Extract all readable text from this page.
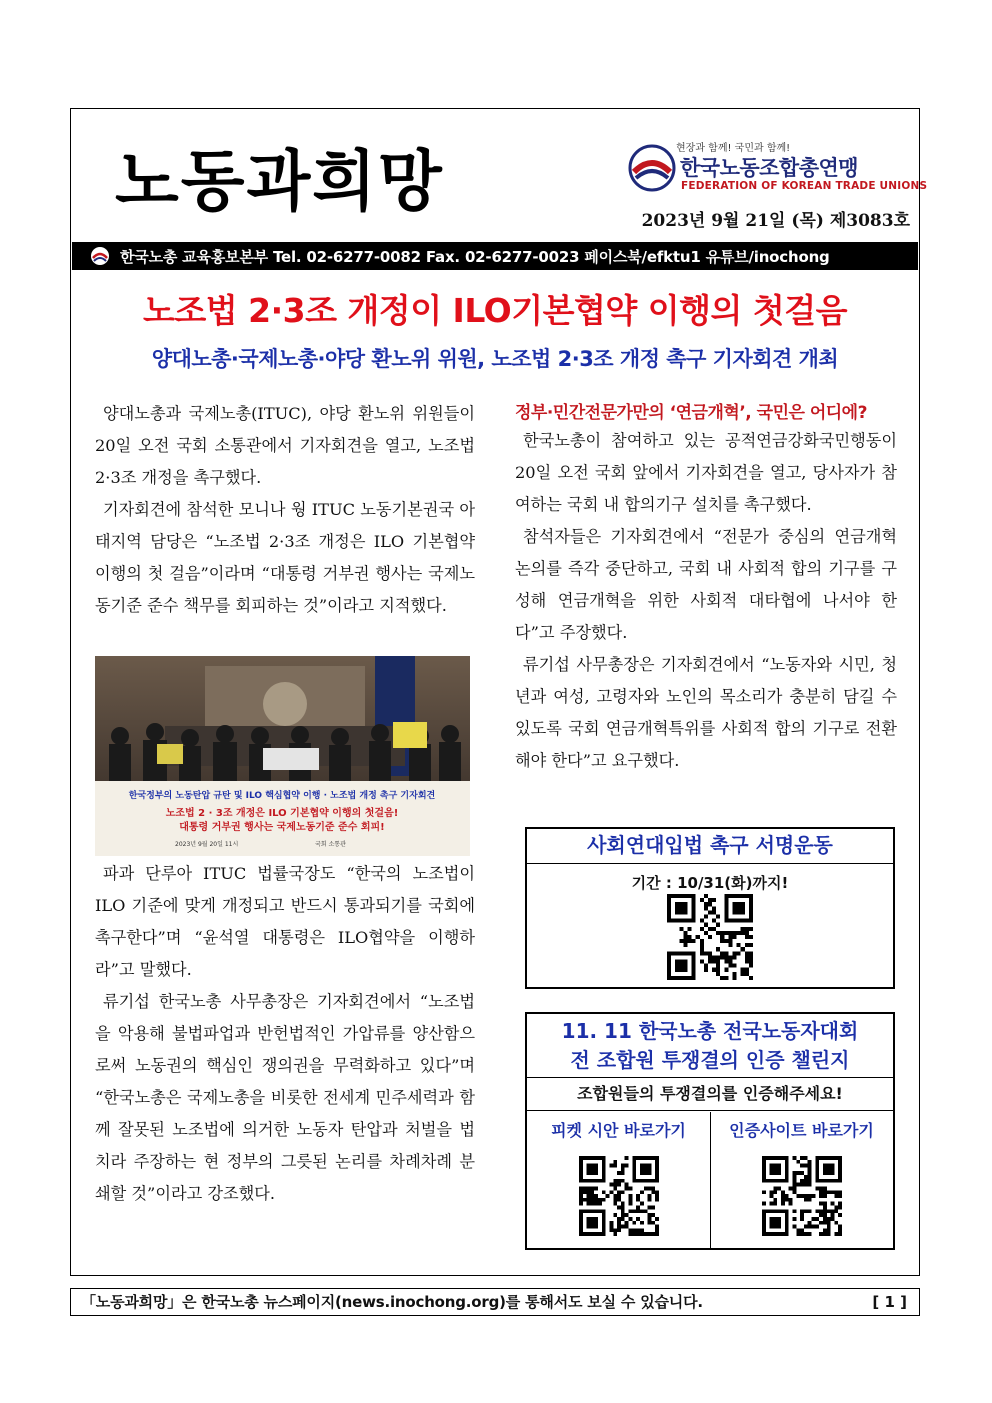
노동과희망	현장과 함께! 국민과 함께!
한국노동조합총연맹
FEDERATION OF KOREAN TRADE UNIONS
2023년 9월 21일 (목) 제3083호
한국노총 교육홍보본부 Tel. 02-6277-0082 Fax. 02-6277-0023 페이스북/efktu1 유튜브/inochong
노조법 2·3조 개정이 ILO기본협약 이행의 첫걸음
양대노총·국제노총·야당 환노위 위원, 노조법 2·3조 개정 촉구 기자회견 개최

양대노총과 국제노총(ITUC), 야당 환노위 위원들이 20일 오전 국회 소통관에서 기자회견을 열고, 노조법 2·3조 개정을 촉구했다.

기자회견에 참석한 모니나 웡 ITUC 노동기본권국 아태지역 담당은 “노조법 2·3조 개정은 ILO 기본협약 이행의 첫 걸음”이라며 “대통령 거부권 행사는 국제노동기준 준수 책무를 회피하는 것”이라고 지적했다.

한국정부의 노동탄압 규탄 및 ILO 핵심협약 이행 · 노조법 개정 촉구 기자회견
노조법 2 · 3조 개정은 ILO 기본협약 이행의 첫걸음!
대통령 거부권 행사는 국제노동기준 준수 회피!
2023년 9월 20일 11시	국회 소통관

파과 단루아 ITUC 법률국장도 “한국의 노조법이 ILO 기준에 맞게 개정되고 반드시 통과되기를 국회에 촉구한다”며 “윤석열 대통령은 ILO협약을 이행하라”고 말했다.

류기섭 한국노총 사무총장은 기자회견에서 “노조법을 악용해 불법파업과 반헌법적인 가압류를 양산함으로써 노동권의 핵심인 쟁의권을 무력화하고 있다”며 “한국노총은 국제노총을 비롯한 전세계 민주세력과 함께 잘못된 노조법에 의거한 노동자 탄압과 처벌을 법치라 주장하는 현 정부의 그릇된 논리를 차례차례 분쇄할 것”이라고 강조했다.

정부·민간전문가만의 ‘연금개혁’, 국민은 어디에?

한국노총이 참여하고 있는 공적연금강화국민행동이 20일 오전 국회 앞에서 기자회견을 열고, 당사자가 참여하는 국회 내 합의기구 설치를 촉구했다.

참석자들은 기자회견에서 “전문가 중심의 연금개혁 논의를 즉각 중단하고, 국회 내 사회적 합의 기구를 구성해 연금개혁을 위한 사회적 대타협에 나서야 한다”고 주장했다.

류기섭 사무총장은 기자회견에서 “노동자와 시민, 청년과 여성, 고령자와 노인의 목소리가 충분히 담길 수 있도록 국회 연금개혁특위를 사회적 합의 기구로 전환해야 한다”고 요구했다.

사회연대입법 촉구 서명운동
기간 : 10/31(화)까지!
11. 11 한국노총 전국노동자대회
전 조합원 투쟁결의 인증 챌린지
조합원들의 투쟁결의를 인증해주세요!
피켓 시안 바로가기	인증사이트 바로가기
「노동과희망」은 한국노총 뉴스페이지(news.inochong.org)를 통해서도 보실 수 있습니다.	[ 1 ]
